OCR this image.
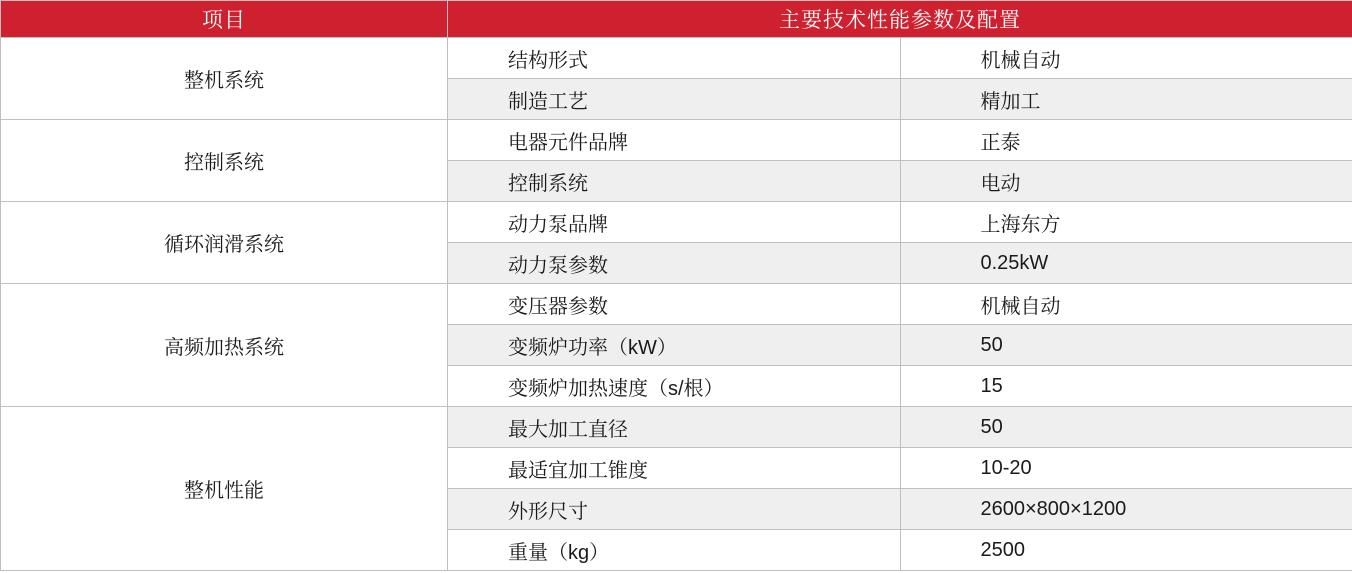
项目	主要技术性能参数及配置	
整机系统	结构形式	机械自动
	制造工艺	精加工
控制系统	电器元件品牌	正泰
	控制系统	电动
循环润滑系统	动力泵品牌	上海东方
	动力泵参数	0.25kW
高频加热系统	变压器参数	机械自动
	变频炉功率（kW）	50
	变频炉加热速度（s/根）	15
整机性能	最大加工直径	50
	最适宜加工锥度	10-20
	外形尺寸	2600×800×1200
	重量（kg）	2500
